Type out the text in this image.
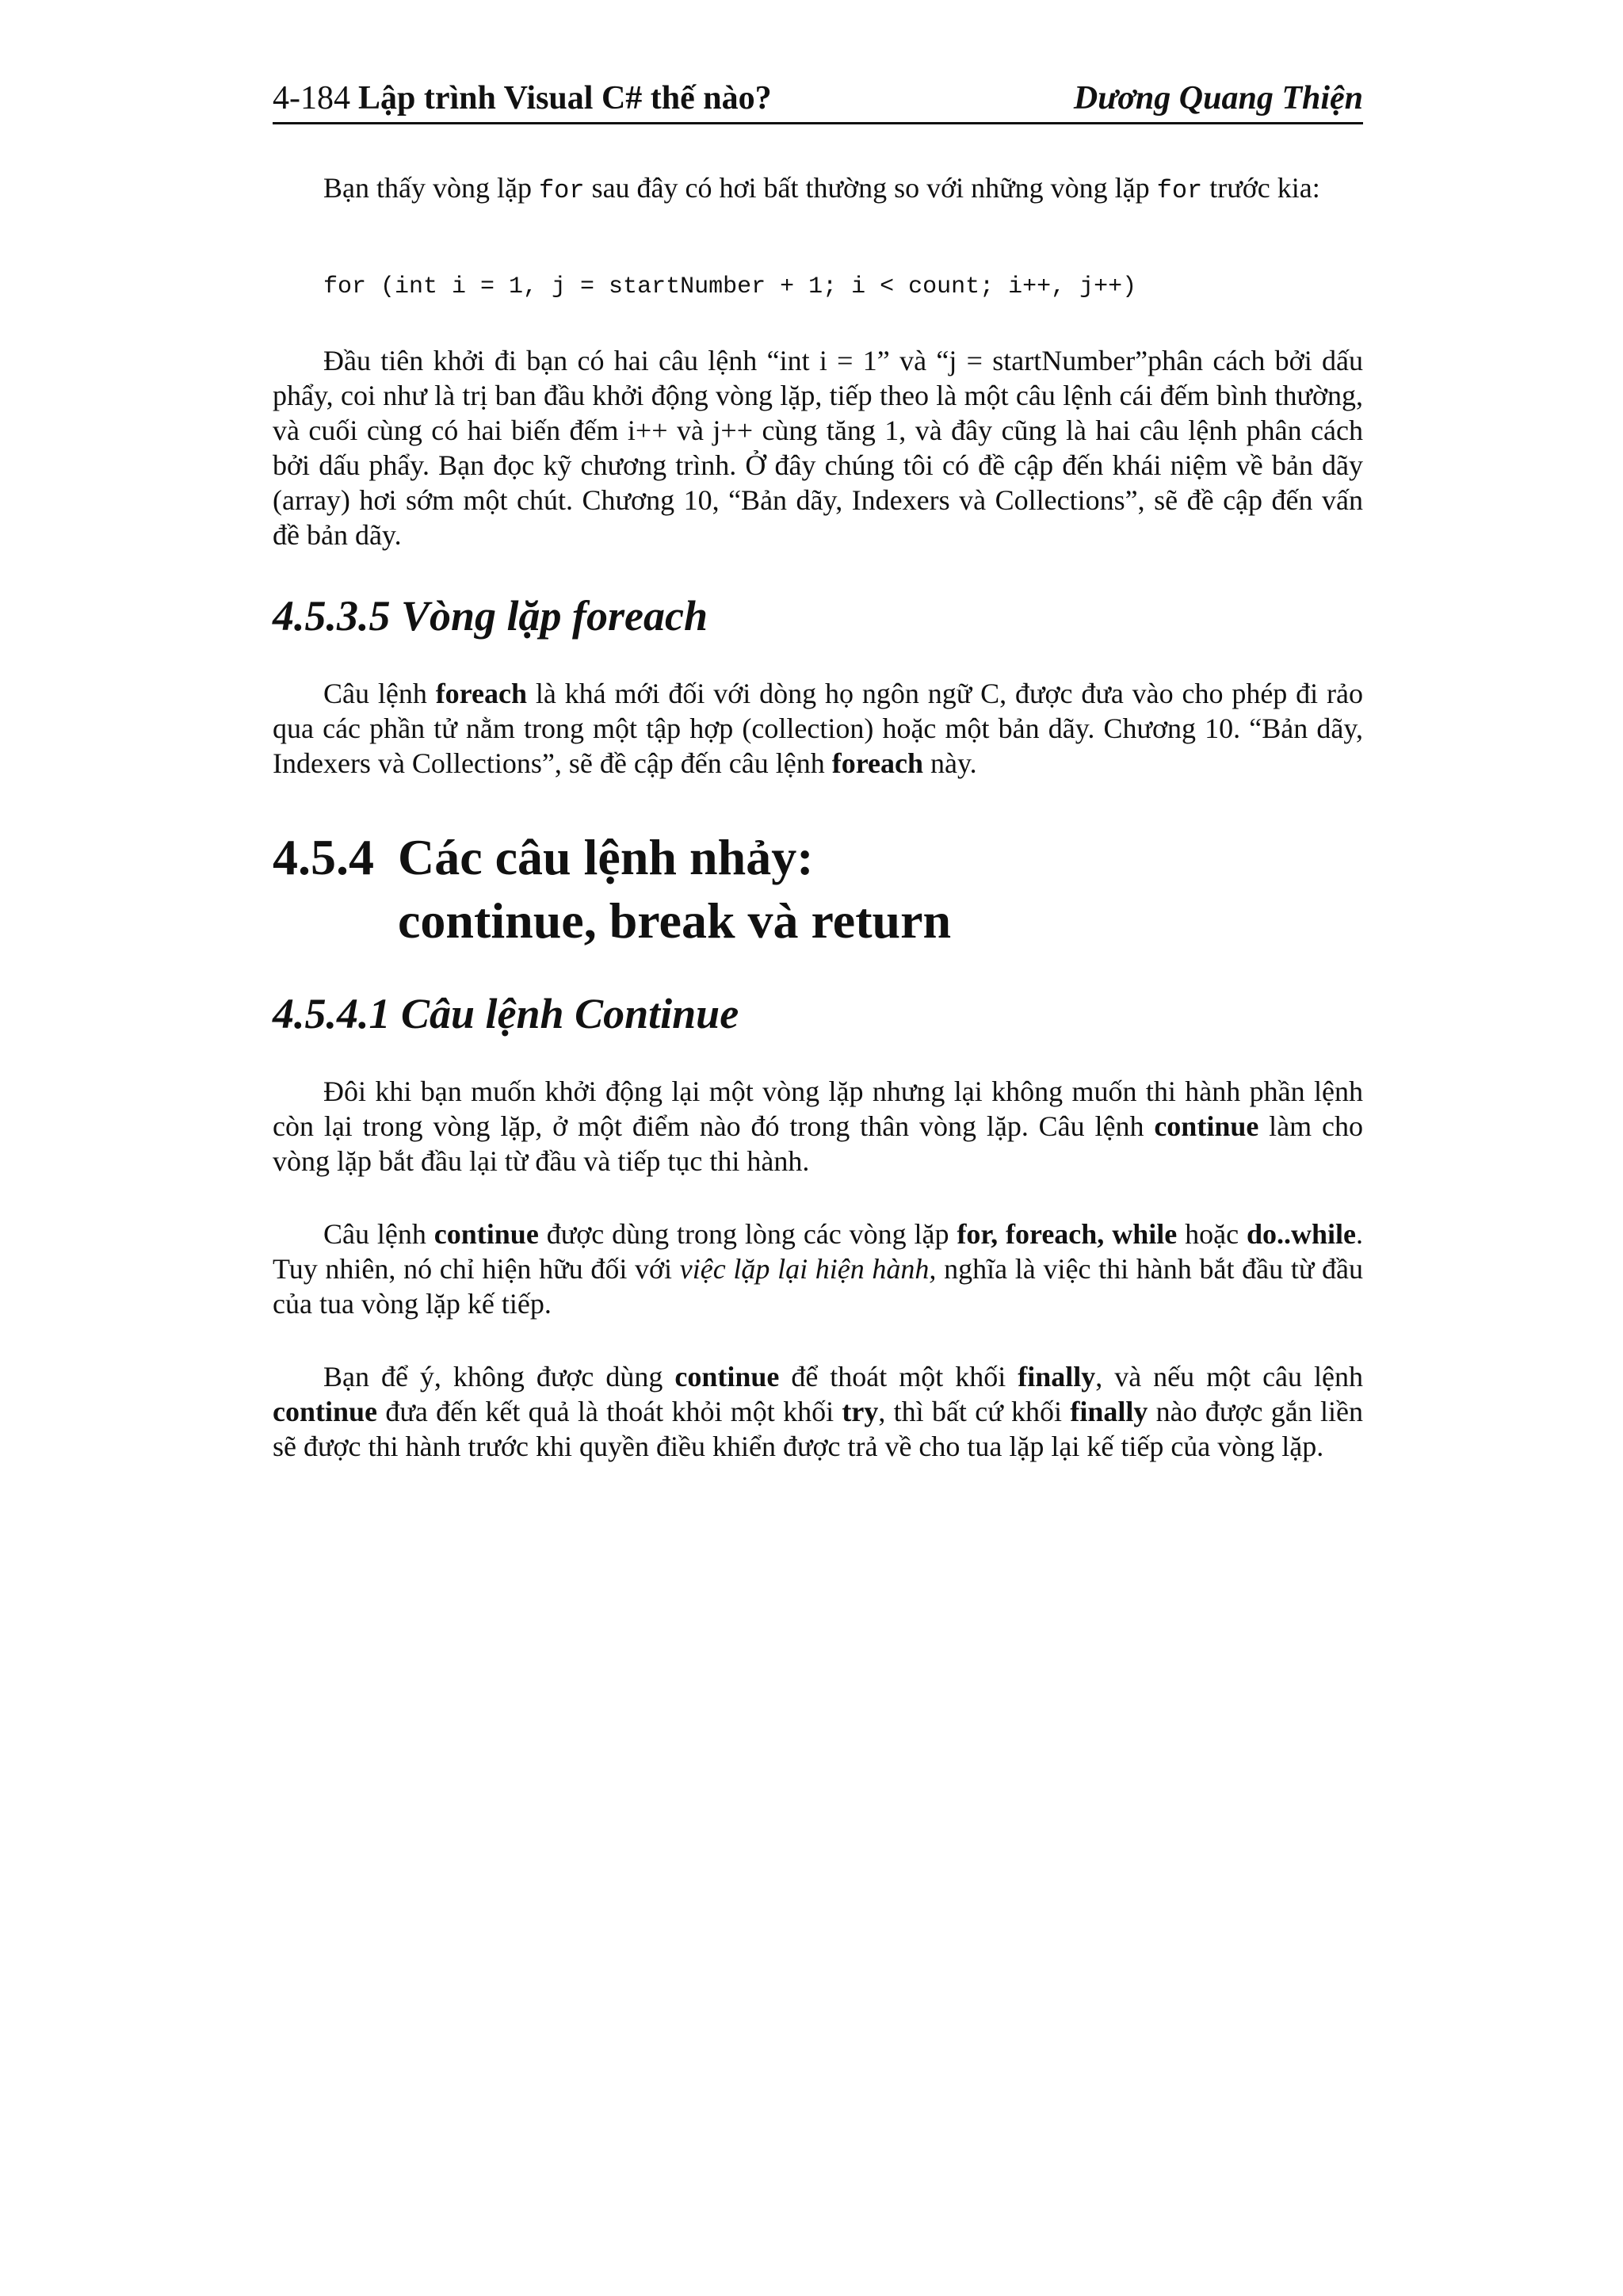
4-184 Lập trình Visual C# thế nào?	Dương Quang Thiện

Bạn thấy vòng lặp for sau đây có hơi bất thường so với những vòng lặp for trước kia:

for (int i = 1, j = startNumber + 1; i < count; i++, j++)

Đầu tiên khởi đi bạn có hai câu lệnh “int i = 1” và “j = startNumber”phân cách bởi dấu phẩy, coi như là trị ban đầu khởi động vòng lặp, tiếp theo là một câu lệnh cái đếm bình thường, và cuối cùng có hai biến đếm i++ và j++ cùng tăng 1, và đây cũng là hai câu lệnh phân cách bởi dấu phẩy. Bạn đọc kỹ chương trình. Ở đây chúng tôi có đề cập đến khái niệm về bản dãy (array) hơi sớm một chút. Chương 10, “Bản dãy, Indexers và Collections”, sẽ đề cập đến vấn đề bản dãy.

4.5.3.5 Vòng lặp foreach

Câu lệnh foreach là khá mới đối với dòng họ ngôn ngữ C, được đưa vào cho phép đi rảo qua các phần tử nằm trong một tập hợp (collection) hoặc một bản dãy. Chương 10. “Bản dãy, Indexers và Collections”, sẽ đề cập đến câu lệnh foreach này.

4.5.4 Các câu lệnh nhảy:
continue, break và return
4.5.4.1 Câu lệnh Continue

Đôi khi bạn muốn khởi động lại một vòng lặp nhưng lại không muốn thi hành phần lệnh còn lại trong vòng lặp, ở một điểm nào đó trong thân vòng lặp. Câu lệnh continue làm cho vòng lặp bắt đầu lại từ đầu và tiếp tục thi hành.

Câu lệnh continue được dùng trong lòng các vòng lặp for, foreach, while hoặc do..while. Tuy nhiên, nó chỉ hiện hữu đối với việc lặp lại hiện hành, nghĩa là việc thi hành bắt đầu từ đầu của tua vòng lặp kế tiếp.

Bạn để ý, không được dùng continue để thoát một khối finally, và nếu một câu lệnh continue đưa đến kết quả là thoát khỏi một khối try, thì bất cứ khối finally nào được gắn liền sẽ được thi hành trước khi quyền điều khiển được trả về cho tua lặp lại kế tiếp của vòng lặp.
